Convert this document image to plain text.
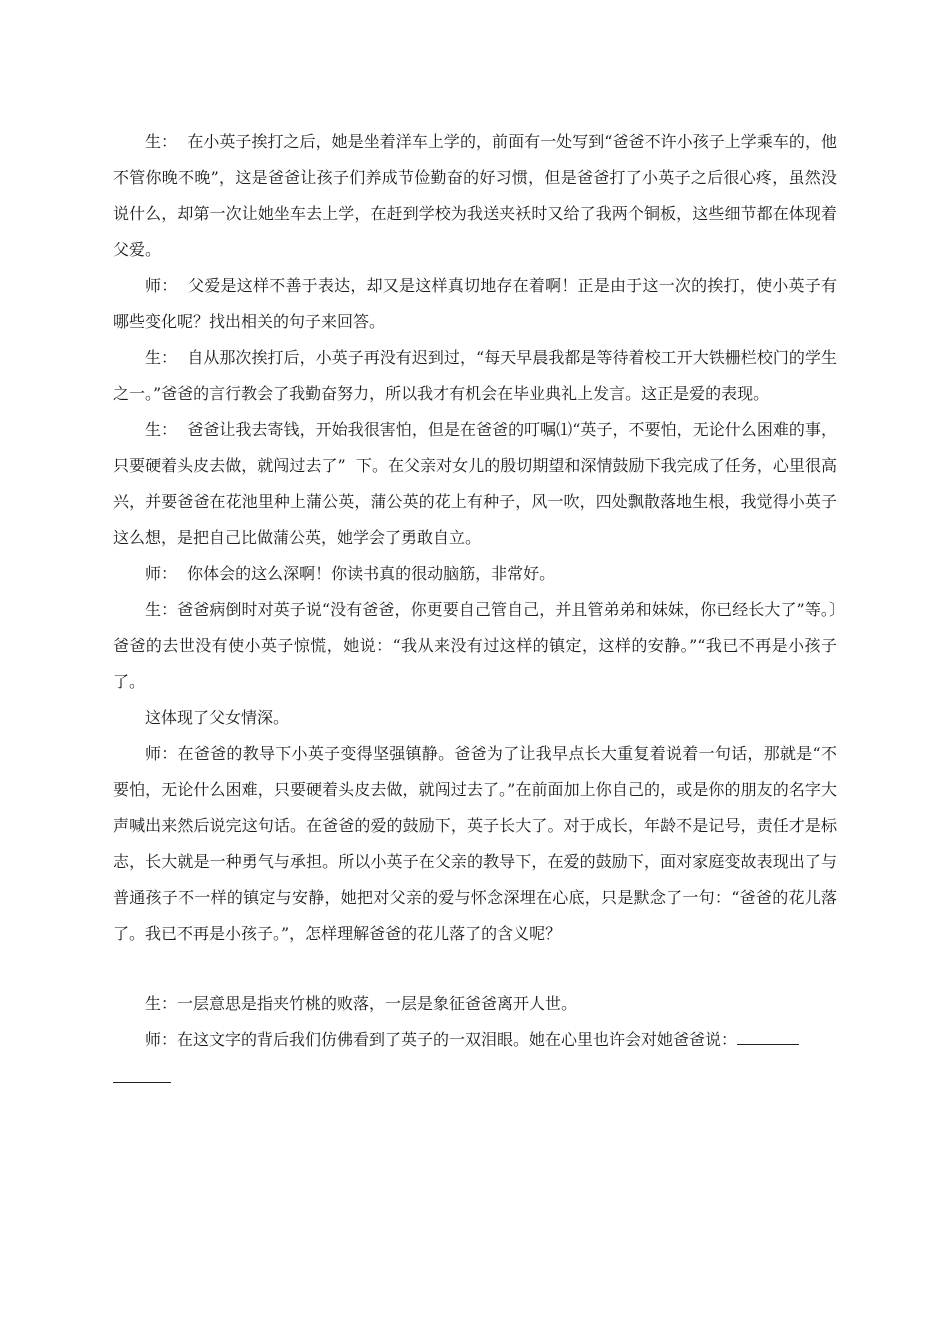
生：  在小英子挨打之后，她是坐着洋车上学的，前面有一处写到“爸爸不许小孩子上学乘车的，他不管你晚不晚”，这是爸爸让孩子们养成节俭勤奋的好习惯，但是爸爸打了小英子之后很心疼，虽然没说什么，却第一次让她坐车去上学，在赶到学校为我送夹袄时又给了我两个铜板，这些细节都在体现着父爱。

师：  父爱是这样不善于表达，却又是这样真切地存在着啊！正是由于这一次的挨打，使小英子有哪些变化呢？找出相关的句子来回答。

生：  自从那次挨打后，小英子再没有迟到过，“每天早晨我都是等待着校工开大铁栅栏校门的学生之一。”爸爸的言行教会了我勤奋努力，所以我才有机会在毕业典礼上发言。这正是爱的表现。

生：  爸爸让我去寄钱，开始我很害怕，但是在爸爸的叮嘱⑴“英子，不要怕，无论什么困难的事，只要硬着头皮去做，就闯过去了”  下。在父亲对女儿的殷切期望和深情鼓励下我完成了任务，心里很高兴，并要爸爸在花池里种上蒲公英，蒲公英的花上有种子，风一吹，四处飘散落地生根，我觉得小英子这么想，是把自己比做蒲公英，她学会了勇敢自立。

师：  你体会的这么深啊！你读书真的很动脑筋，非常好。

生：爸爸病倒时对英子说“没有爸爸，你更要自己管自己，并且管弟弟和妹妹，你已经长大了”等。〕爸爸的去世没有使小英子惊慌，她说：“我从来没有过这样的镇定，这样的安静。”“我已不再是小孩子了。

这体现了父女情深。

师：在爸爸的教导下小英子变得坚强镇静。爸爸为了让我早点长大重复着说着一句话，那就是“不要怕，无论什么困难，只要硬着头皮去做，就闯过去了。”在前面加上你自己的，或是你的朋友的名字大声喊出来然后说完这句话。在爸爸的爱的鼓励下，英子长大了。对于成长，年龄不是记号，责任才是标志，长大就是一种勇气与承担。所以小英子在父亲的教导下，在爱的鼓励下，面对家庭变故表现出了与普通孩子不一样的镇定与安静，她把对父亲的爱与怀念深埋在心底，只是默念了一句：“爸爸的花儿落了。我已不再是小孩子。”，怎样理解爸爸的花儿落了的含义呢？

生：一层意思是指夹竹桃的败落，一层是象征爸爸离开人世。

师：在这文字的背后我们仿佛看到了英子的一双泪眼。她在心里也许会对她爸爸说：
